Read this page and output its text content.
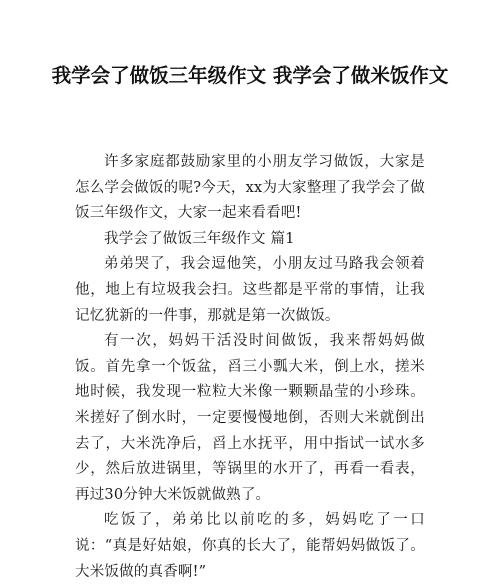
我学会了做饭三年级作文 我学会了做米饭作文

许多家庭都鼓励家里的小朋友学习做饭，大家是怎么学会做饭的呢?今天，xx为大家整理了我学会了做饭三年级作文，大家一起来看看吧!

我学会了做饭三年级作文 篇1

弟弟哭了，我会逗他笑，小朋友过马路我会领着他，地上有垃圾我会扫。这些都是平常的事情，让我记忆犹新的一件事，那就是第一次做饭。

有一次，妈妈干活没时间做饭，我来帮妈妈做饭。首先拿一个饭盆，舀三小瓢大米，倒上水，搓米地时候，我发现一粒粒大米像一颗颗晶莹的小珍珠。米搓好了倒水时，一定要慢慢地倒，否则大米就倒出去了，大米洗净后，舀上水抚平，用中指试一试水多少，然后放进锅里，等锅里的水开了，再看一看表，再过30分钟大米饭就做熟了。

吃饭了，弟弟比以前吃的多，妈妈吃了一口说：“真是好姑娘，你真的长大了，能帮妈妈做饭了。大米饭做的真香啊!”
